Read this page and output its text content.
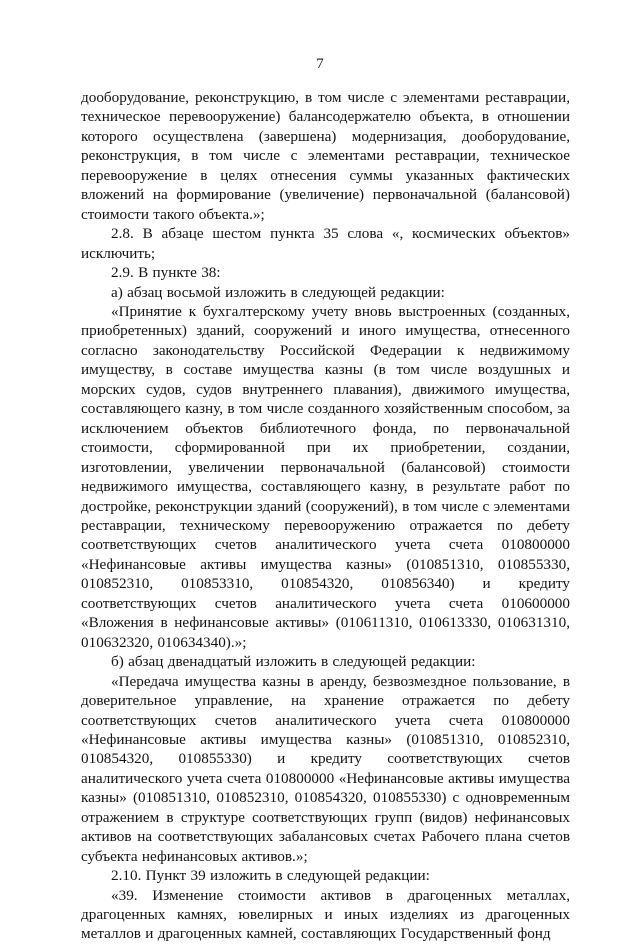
7

дооборудование, реконструкцию, в том числе с элементами реставрации, техническое перевооружение) балансодержателю объекта, в отношении которого осуществлена (завершена) модернизация, дооборудование, реконструкция, в том числе с элементами реставрации, техническое перевооружение в целях отнесения суммы указанных фактических вложений на формирование (увеличение) первоначальной (балансовой) стоимости такого объекта.»;

2.8. В абзаце шестом пункта 35 слова «, космических объектов» исключить;

2.9. В пункте 38:

а) абзац восьмой изложить в следующей редакции:

«Принятие к бухгалтерскому учету вновь выстроенных (созданных, приобретенных) зданий, сооружений и иного имущества, отнесенного согласно законодательству Российской Федерации к недвижимому имуществу, в составе имущества казны (в том числе воздушных и морских судов, судов внутреннего плавания), движимого имущества, составляющего казну, в том числе созданного хозяйственным способом, за исключением объектов библиотечного фонда, по первоначальной стоимости, сформированной при их приобретении, создании, изготовлении, увеличении первоначальной (балансовой) стоимости недвижимого имущества, составляющего казну, в результате работ по достройке, реконструкции зданий (сооружений), в том числе с элементами реставрации, техническому перевооружению отражается по дебету соответствующих счетов аналитического учета счета 010800000 «Нефинансовые активы имущества казны» (010851310, 010855330, 010852310, 010853310, 010854320, 010856340) и кредиту соответствующих счетов аналитического учета счета 010600000 «Вложения в нефинансовые активы» (010611310, 010613330, 010631310, 010632320, 010634340).»;

б) абзац двенадцатый изложить в следующей редакции:

«Передача имущества казны в аренду, безвозмездное пользование, в доверительное управление, на хранение отражается по дебету соответствующих счетов аналитического учета счета 010800000 «Нефинансовые активы имущества казны» (010851310, 010852310, 010854320, 010855330) и кредиту соответствующих счетов аналитического учета счета 010800000 «Нефинансовые активы имущества казны» (010851310, 010852310, 010854320, 010855330) с одновременным отражением в структуре соответствующих групп (видов) нефинансовых активов на соответствующих забалансовых счетах Рабочего плана счетов субъекта нефинансовых активов.»;

2.10. Пункт 39 изложить в следующей редакции:

«39. Изменение стоимости активов в драгоценных металлах, драгоценных камнях, ювелирных и иных изделиях из драгоценных металлов и драгоценных камней, составляющих Государственный фонд
